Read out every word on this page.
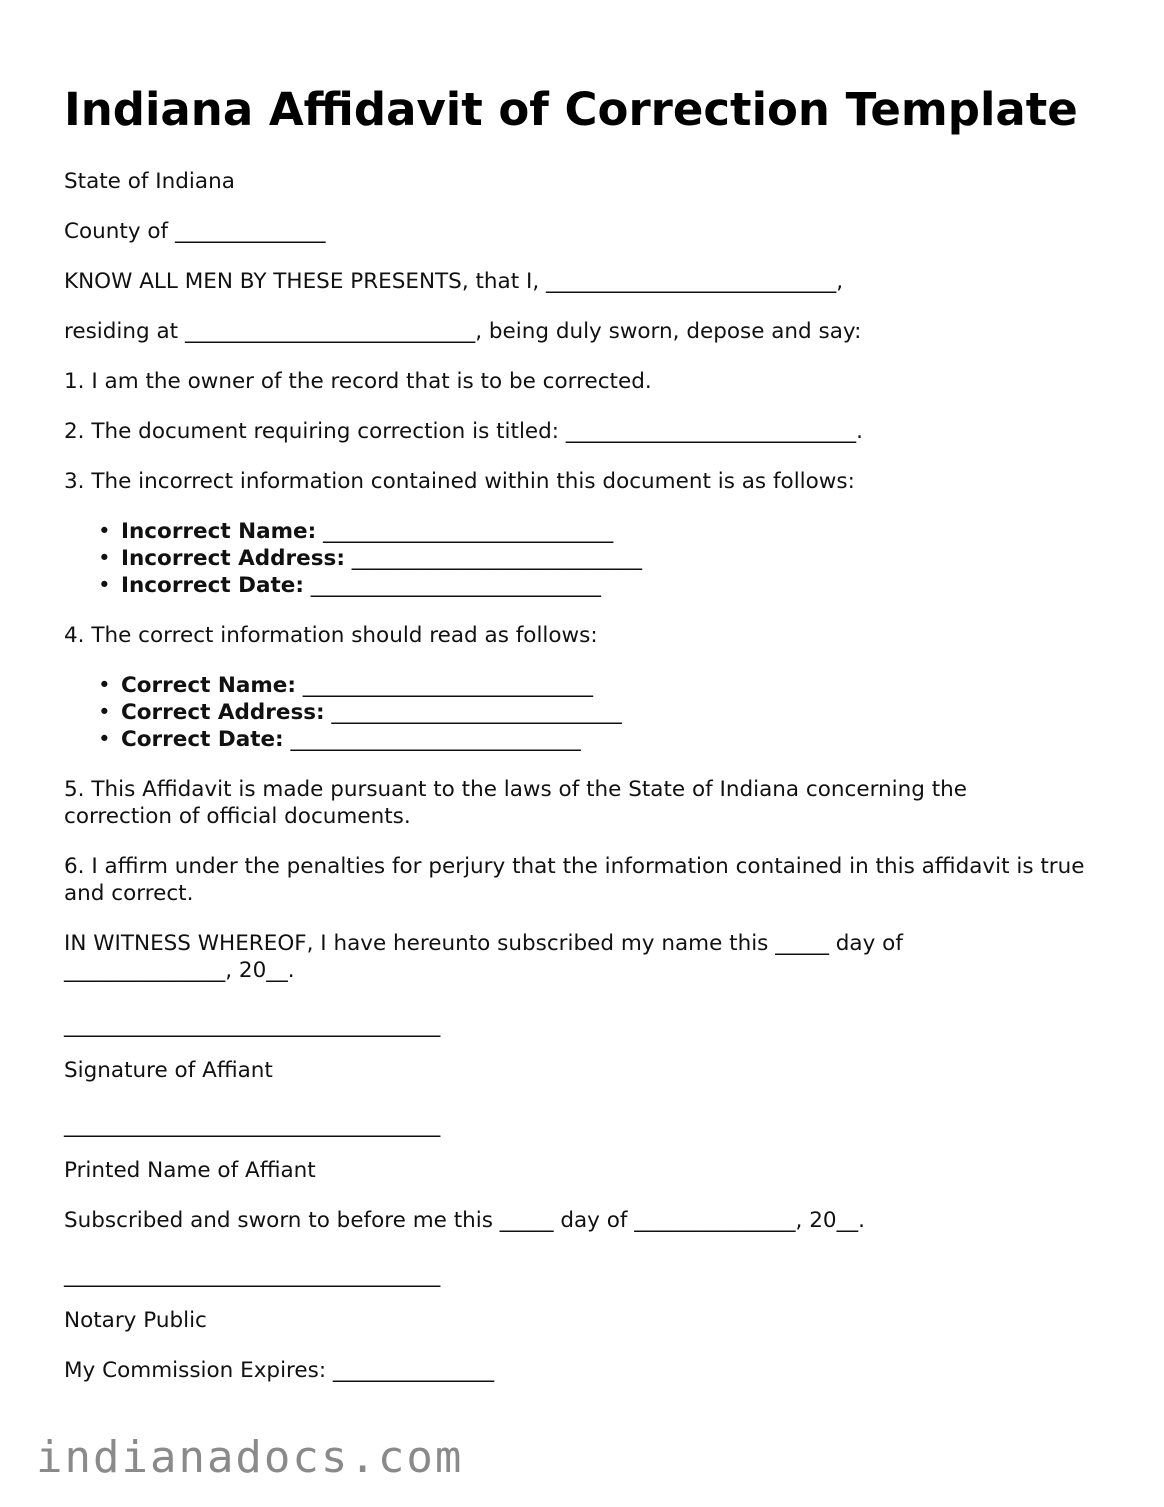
Indiana Affidavit of Correction Template

State of Indiana

County of ______________

KNOW ALL MEN BY THESE PRESENTS, that I, ___________________________,

residing at ___________________________, being duly sworn, depose and say:

1. I am the owner of the record that is to be corrected.

2. The document requiring correction is titled: ___________________________.

3. The incorrect information contained within this document is as follows:

• Incorrect Name: ___________________________
• Incorrect Address: ___________________________
• Incorrect Date: ___________________________

4. The correct information should read as follows:

• Correct Name: ___________________________
• Correct Address: ___________________________
• Correct Date: ___________________________

5. This Affidavit is made pursuant to the laws of the State of Indiana concerning the correction of official documents.

6. I affirm under the penalties for perjury that the information contained in this affidavit is true and correct.

IN WITNESS WHEREOF, I have hereunto subscribed my name this _____ day of _______________, 20__.

___________________________________

Signature of Affiant

___________________________________

Printed Name of Affiant

Subscribed and sworn to before me this _____ day of _______________, 20__.

___________________________________

Notary Public

My Commission Expires: _______________

indianadocs.com
